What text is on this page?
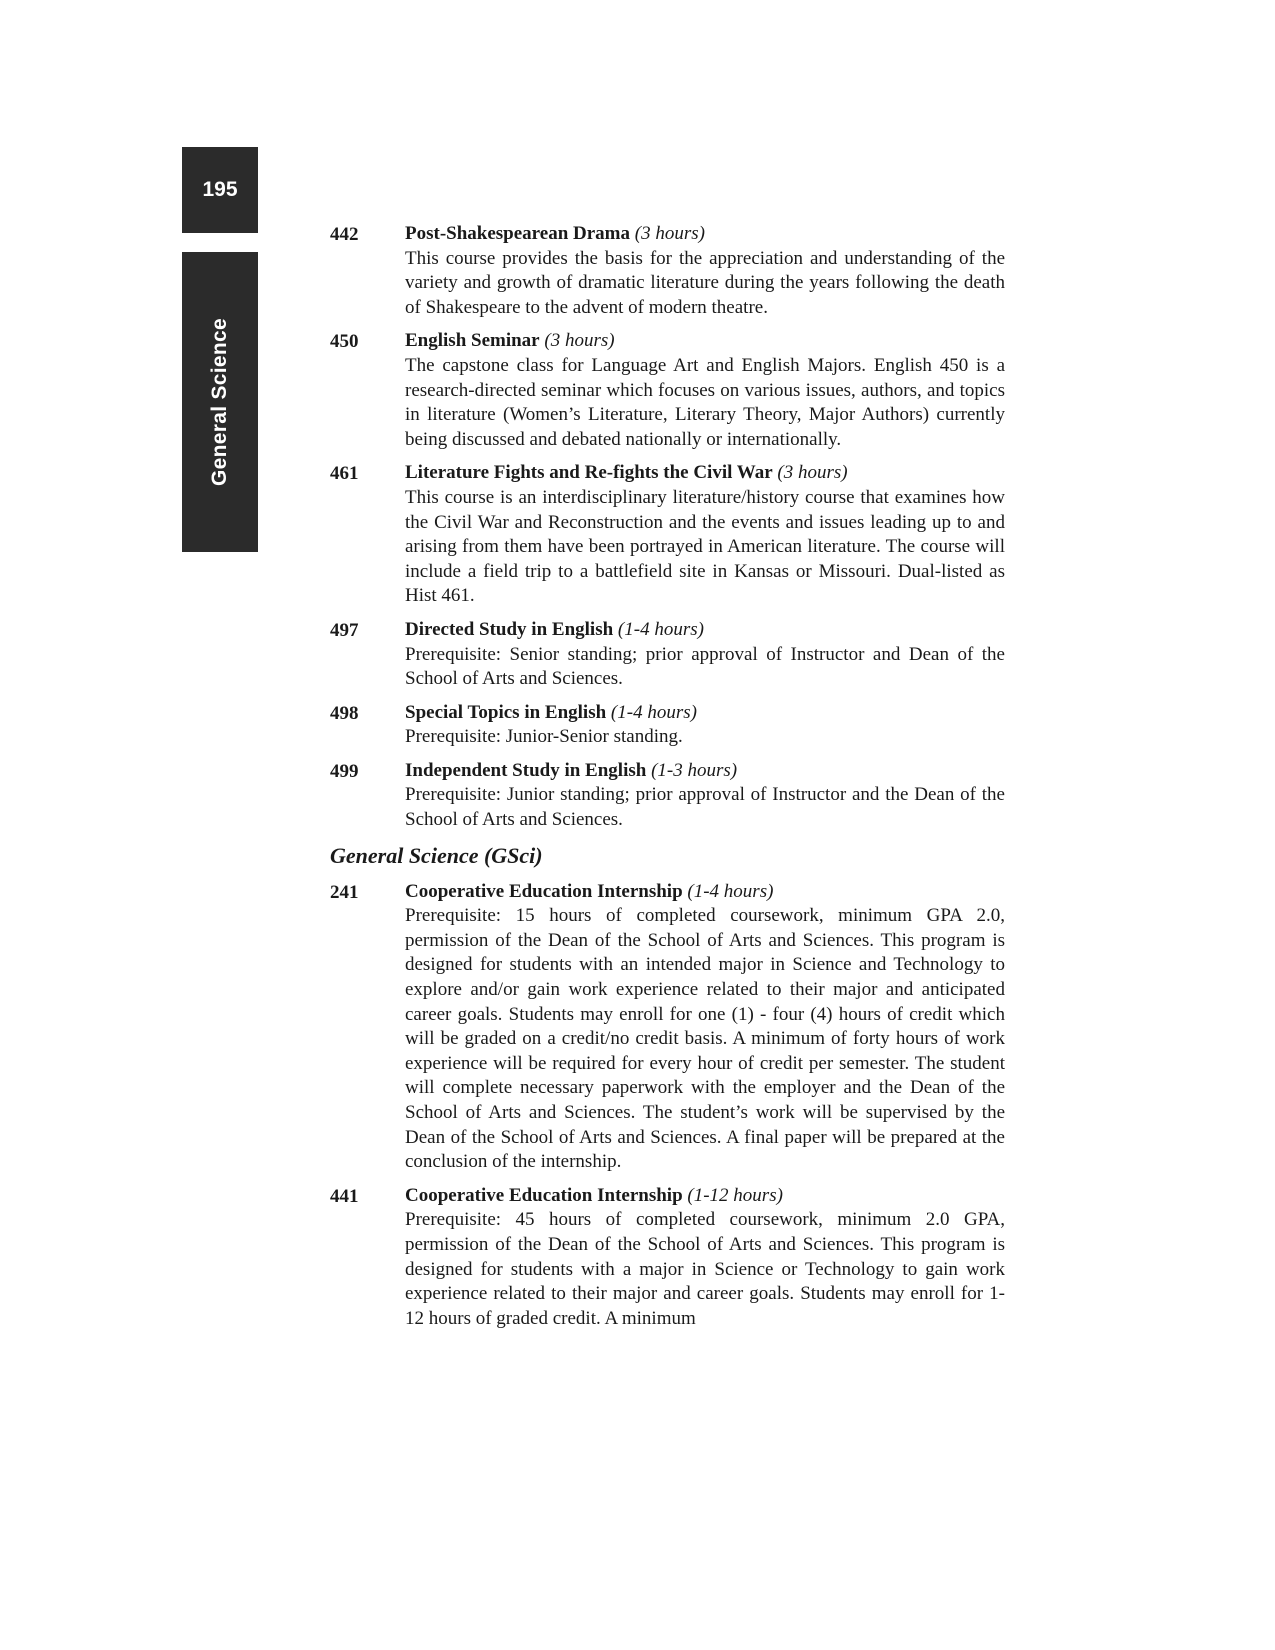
195
General Science
442	Post-Shakespearean Drama (3 hours)

This course provides the basis for the appreciation and understanding of the variety and growth of dramatic literature during the years following the death of Shakespeare to the advent of modern theatre.

450	English Seminar (3 hours)

The capstone class for Language Art and English Majors. English 450 is a research-directed seminar which focuses on various issues, authors, and topics in literature (Women’s Literature, Literary Theory, Major Authors) currently being discussed and debated nationally or internationally.

461	Literature Fights and Re-fights the Civil War (3 hours)

This course is an interdisciplinary literature/history course that examines how the Civil War and Reconstruction and the events and issues leading up to and arising from them have been portrayed in American literature. The course will include a field trip to a battlefield site in Kansas or Missouri. Dual-listed as Hist 461.

497	Directed Study in English (1-4 hours)

Prerequisite: Senior standing; prior approval of Instructor and Dean of the School of Arts and Sciences.

498	Special Topics in English (1-4 hours)

Prerequisite: Junior-Senior standing.

499	Independent Study in English (1-3 hours)

Prerequisite: Junior standing; prior approval of Instructor and the Dean of the School of Arts and Sciences.

General Science (GSci)
241	Cooperative Education Internship (1-4 hours)

Prerequisite: 15 hours of completed coursework, minimum GPA 2.0, permission of the Dean of the School of Arts and Sciences. This program is designed for students with an intended major in Science and Technology to explore and/or gain work experience related to their major and anticipated career goals. Students may enroll for one (1) - four (4) hours of credit which will be graded on a credit/no credit basis. A minimum of forty hours of work experience will be required for every hour of credit per semester. The student will complete necessary paperwork with the employer and the Dean of the School of Arts and Sciences. The student’s work will be supervised by the Dean of the School of Arts and Sciences. A final paper will be prepared at the conclusion of the internship.

441	Cooperative Education Internship (1-12 hours)

Prerequisite: 45 hours of completed coursework, minimum 2.0 GPA, permission of the Dean of the School of Arts and Sciences. This program is designed for students with a major in Science or Technology to gain work experience related to their major and career goals. Students may enroll for 1-12 hours of graded credit. A minimum
